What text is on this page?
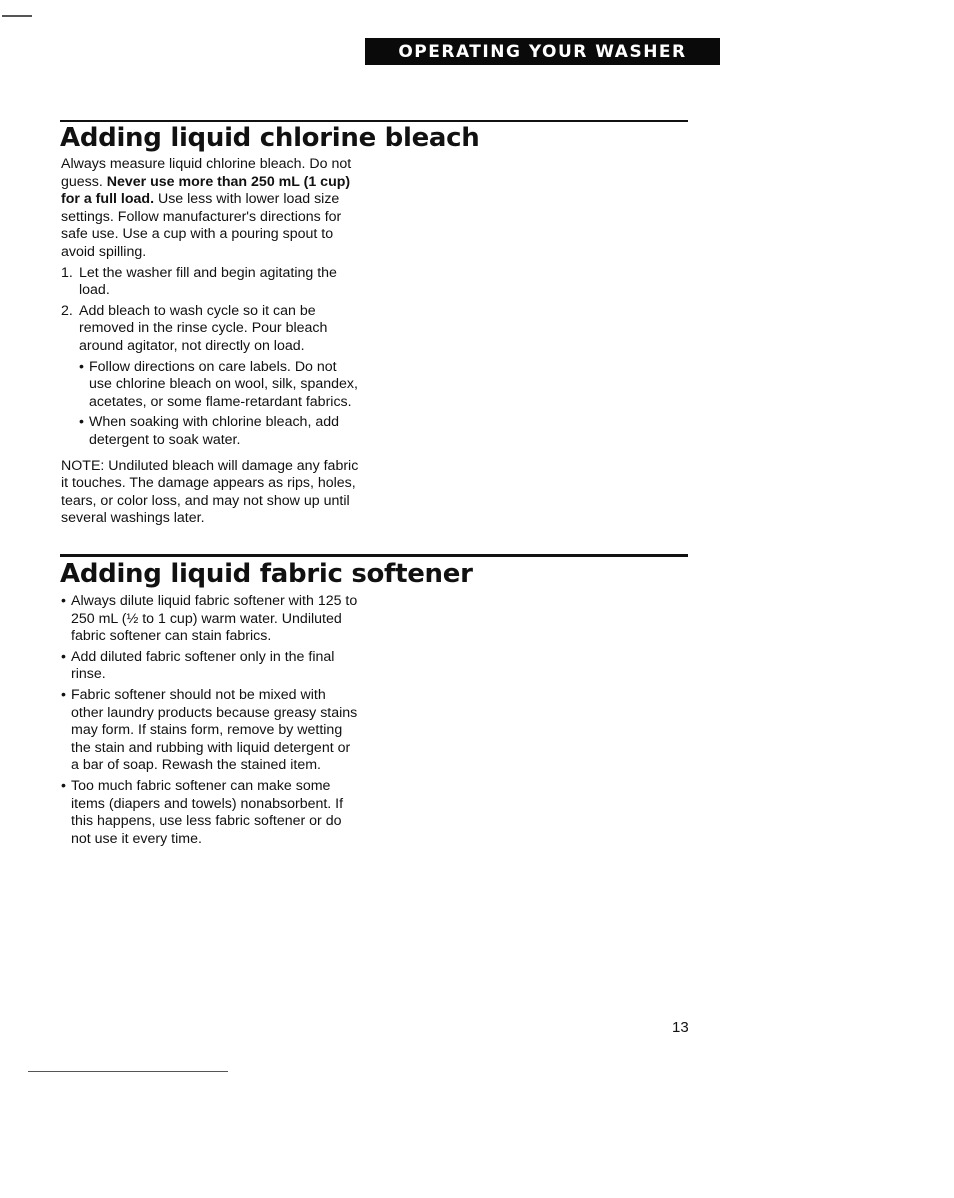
OPERATING YOUR WASHER
Adding liquid chlorine bleach

Always measure liquid chlorine bleach. Do not guess. Never use more than 250 mL (1 cup) for a full load. Use less with lower load size settings. Follow manufacturer's directions for safe use. Use a cup with a pouring spout to avoid spilling.

1. Let the washer fill and begin agitating the load.
2. Add bleach to wash cycle so it can be removed in the rinse cycle. Pour bleach around agitator, not directly on load.
• Follow directions on care labels. Do not use chlorine bleach on wool, silk, spandex, acetates, or some flame-retardant fabrics.
• When soaking with chlorine bleach, add detergent to soak water.

NOTE: Undiluted bleach will damage any fabric it touches. The damage appears as rips, holes, tears, or color loss, and may not show up until several washings later.

Adding liquid fabric softener
• Always dilute liquid fabric softener with 125 to 250 mL (½ to 1 cup) warm water. Undiluted fabric softener can stain fabrics.
• Add diluted fabric softener only in the final rinse.
• Fabric softener should not be mixed with other laundry products because greasy stains may form. If stains form, remove by wetting the stain and rubbing with liquid detergent or a bar of soap. Rewash the stained item.
• Too much fabric softener can make some items (diapers and towels) nonabsorbent. If this happens, use less fabric softener or do not use it every time.
13
